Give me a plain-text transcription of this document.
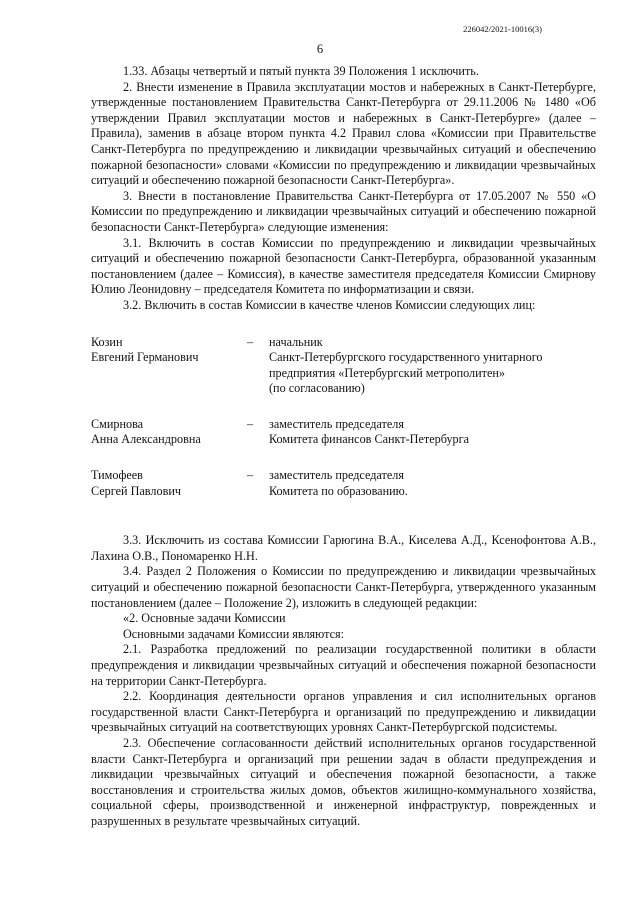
226042/2021-10016(3)
6

1.33. Абзацы четвертый и пятый пункта 39 Положения 1 исключить.

2. Внести изменение в Правила эксплуатации мостов и набережных в Санкт-Петербурге, утвержденные постановлением Правительства Санкт-Петербурга от 29.11.2006 № 1480 «Об утверждении Правил эксплуатации мостов и набережных в Санкт-Петербурге» (далее – Правила), заменив в абзаце втором пункта 4.2 Правил слова «Комиссии при Правительстве Санкт-Петербурга по предупреждению и ликвидации чрезвычайных ситуаций и обеспечению пожарной безопасности» словами «Комиссии по предупреждению и ликвидации чрезвычайных ситуаций и обеспечению пожарной безопасности Санкт-Петербурга».

3. Внести в постановление Правительства Санкт-Петербурга от 17.05.2007 № 550 «О Комиссии по предупреждению и ликвидации чрезвычайных ситуаций и обеспечению пожарной безопасности Санкт-Петербурга» следующие изменения:

3.1. Включить в состав Комиссии по предупреждению и ликвидации чрезвычайных ситуаций и обеспечению пожарной безопасности Санкт-Петербурга, образованной указанным постановлением (далее – Комиссия), в качестве заместителя председателя Комиссии Смирнову Юлию Леонидовну – председателя Комитета по информатизации и связи.

3.2. Включить в состав Комиссии в качестве членов Комиссии следующих лиц:

Козин
Евгений Германович
–	начальник
Санкт-Петербургского государственного унитарного предприятия «Петербургский метрополитен»
(по согласованию)
Смирнова
Анна Александровна
–	заместитель председателя
Комитета финансов Санкт-Петербурга
Тимофеев
Сергей Павлович
–	заместитель председателя
Комитета по образованию.

3.3. Исключить из состава Комиссии Гарюгина В.А., Киселева А.Д., Ксенофонтова А.В., Лахина О.В., Пономаренко Н.Н.

3.4. Раздел 2 Положения о Комиссии по предупреждению и ликвидации чрезвычайных ситуаций и обеспечению пожарной безопасности Санкт-Петербурга, утвержденного указанным постановлением (далее – Положение 2), изложить в следующей редакции:

«2. Основные задачи Комиссии

Основными задачами Комиссии являются:

2.1. Разработка предложений по реализации государственной политики в области предупреждения и ликвидации чрезвычайных ситуаций и обеспечения пожарной безопасности на территории Санкт-Петербурга.

2.2. Координация деятельности органов управления и сил исполнительных органов государственной власти Санкт-Петербурга и организаций по предупреждению и ликвидации чрезвычайных ситуаций на соответствующих уровнях Санкт-Петербургской подсистемы.

2.3. Обеспечение согласованности действий исполнительных органов государственной власти Санкт-Петербурга и организаций при решении задач в области предупреждения и ликвидации чрезвычайных ситуаций и обеспечения пожарной безопасности, а также восстановления и строительства жилых домов, объектов жилищно-коммунального хозяйства, социальной сферы, производственной и инженерной инфраструктур, поврежденных и разрушенных в результате чрезвычайных ситуаций.
